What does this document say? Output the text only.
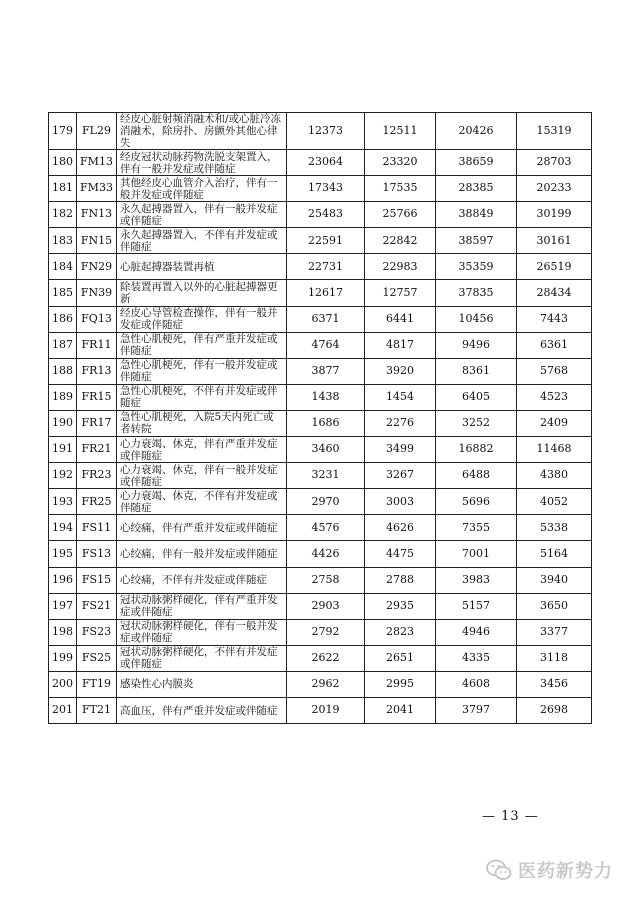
179	FL29	经皮心脏射频消融术和/或心脏冷冻消融术，除房扑、房颤外其他心律失	12373	12511	20426	15319
180	FM13	经皮冠状动脉药物洗脱支架置入，伴有一般并发症或伴随症	23064	23320	38659	28703
181	FM33	其他经皮心血管介入治疗，伴有一般并发症或伴随症	17343	17535	28385	20233
182	FN13	永久起搏器置入，伴有一般并发症或伴随症	25483	25766	38849	30199
183	FN15	永久起搏器置入，不伴有并发症或伴随症	22591	22842	38597	30161
184	FN29	心脏起搏器装置再植	22731	22983	35359	26519
185	FN39	除装置再置入以外的心脏起搏器更新	12617	12757	37835	28434
186	FQ13	经皮心导管检查操作，伴有一般并发症或伴随症	6371	6441	10456	7443
187	FR11	急性心肌梗死，伴有严重并发症或伴随症	4764	4817	9496	6361
188	FR13	急性心肌梗死，伴有一般并发症或伴随症	3877	3920	8361	5768
189	FR15	急性心肌梗死，不伴有并发症或伴随症	1438	1454	6405	4523
190	FR17	急性心肌梗死，入院5天内死亡或者转院	1686	2276	3252	2409
191	FR21	心力衰竭、休克，伴有严重并发症或伴随症	3460	3499	16882	11468
192	FR23	心力衰竭、休克，伴有一般并发症或伴随症	3231	3267	6488	4380
193	FR25	心力衰竭、休克，不伴有并发症或伴随症	2970	3003	5696	4052
194	FS11	心绞痛，伴有严重并发症或伴随症	4576	4626	7355	5338
195	FS13	心绞痛，伴有一般并发症或伴随症	4426	4475	7001	5164
196	FS15	心绞痛，不伴有并发症或伴随症	2758	2788	3983	3940
197	FS21	冠状动脉粥样硬化，伴有严重并发症或伴随症	2903	2935	5157	3650
198	FS23	冠状动脉粥样硬化，伴有一般并发症或伴随症	2792	2823	4946	3377
199	FS25	冠状动脉粥样硬化，不伴有并发症或伴随症	2622	2651	4335	3118
200	FT19	感染性心内膜炎	2962	2995	4608	3456
201	FT21	高血压，伴有严重并发症或伴随症	2019	2041	3797	2698
— 13 —
医药新势力
